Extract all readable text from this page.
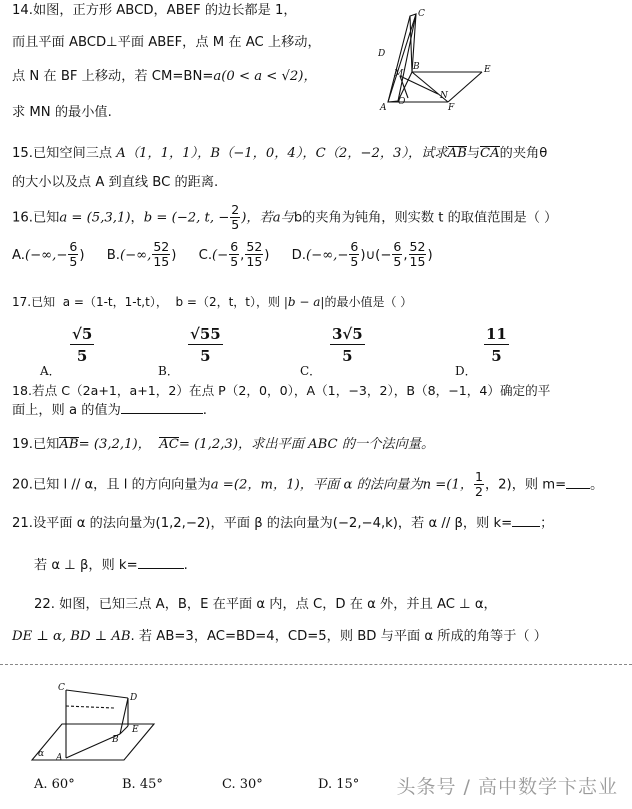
14.如图，正方形 ABCD，ABEF 的边长都是 1，
而且平面 ABCD⊥平面 ABEF，点 M 在 AC 上移动，
点 N 在 BF 上移动，若 CM=BN=a(0 < a < √2)，
求 MN 的最小值.
C
D
B	E
M
N
A
O
F
15.已知空间三点 A（1，1，1），B（−1，0，4），C（2，−2，3），试求AB与CA的夹角θ
的大小以及点 A 到直线 BC 的距离.
16.已知a = (5,3,1)，b = (−2, t, − $\frac{2}{5}$ )，若a与b的夹角为钝角，则实数 t 的取值范围是（ ）
$A.(-\infty,- \frac{6}{5}$ ) B.(−∞, $\frac{52}{15}$ ) $C.(- \frac{6}{5}$ , $\frac{52}{15}$ ) $D.(-\infty,- \frac{6}{5}$ )∪(− $\frac{6}{5}$ , $\frac{52}{15}$ )
17.已知 a =（1-t，1-t,t）， b =（2，t，t），则 |b − a|的最小值是（ ）
A．
$\frac{√5}{5}$
B．
$\frac{√55}{5}$
C．
$\frac{3√5}{5}$
D．
$\frac{11}{5}$
18.若点 C（2a+1，a+1，2）在点 P（2，0，0），A（1，−3，2），B（8，−1，4）确定的平
面上，则 a 的值为	.
19.已知AB= (3,2,1)， AC= (1,2,3)，求出平面 ABC 的一个法向量。
20.已知 l // α，且 l 的方向向量为a =(2，m，1)，平面 α 的法向量为n =(1， $\frac{1}{2}$ ，2)，则 m= 。
21.设平面 α 的法向量为(1,2,−2)，平面 β 的法向量为(−2,−4,k)，若 α // β，则 k= ；
若 α ⊥ β，则 k=	.
22. 如图，已知三点 A，B，E 在平面 α 内，点 C，D 在 α 外，并且 AC ⊥ α，
DE ⊥ α, BD ⊥ AB. 若 AB=3，AC=BD=4，CD=5，则 BD 与平面 α 所成的角等于（ ）
C
D
B
E
α A
A. 60°	B. 45°	C. 30°	D. 15° 头条号 / 高中数学卞志业
